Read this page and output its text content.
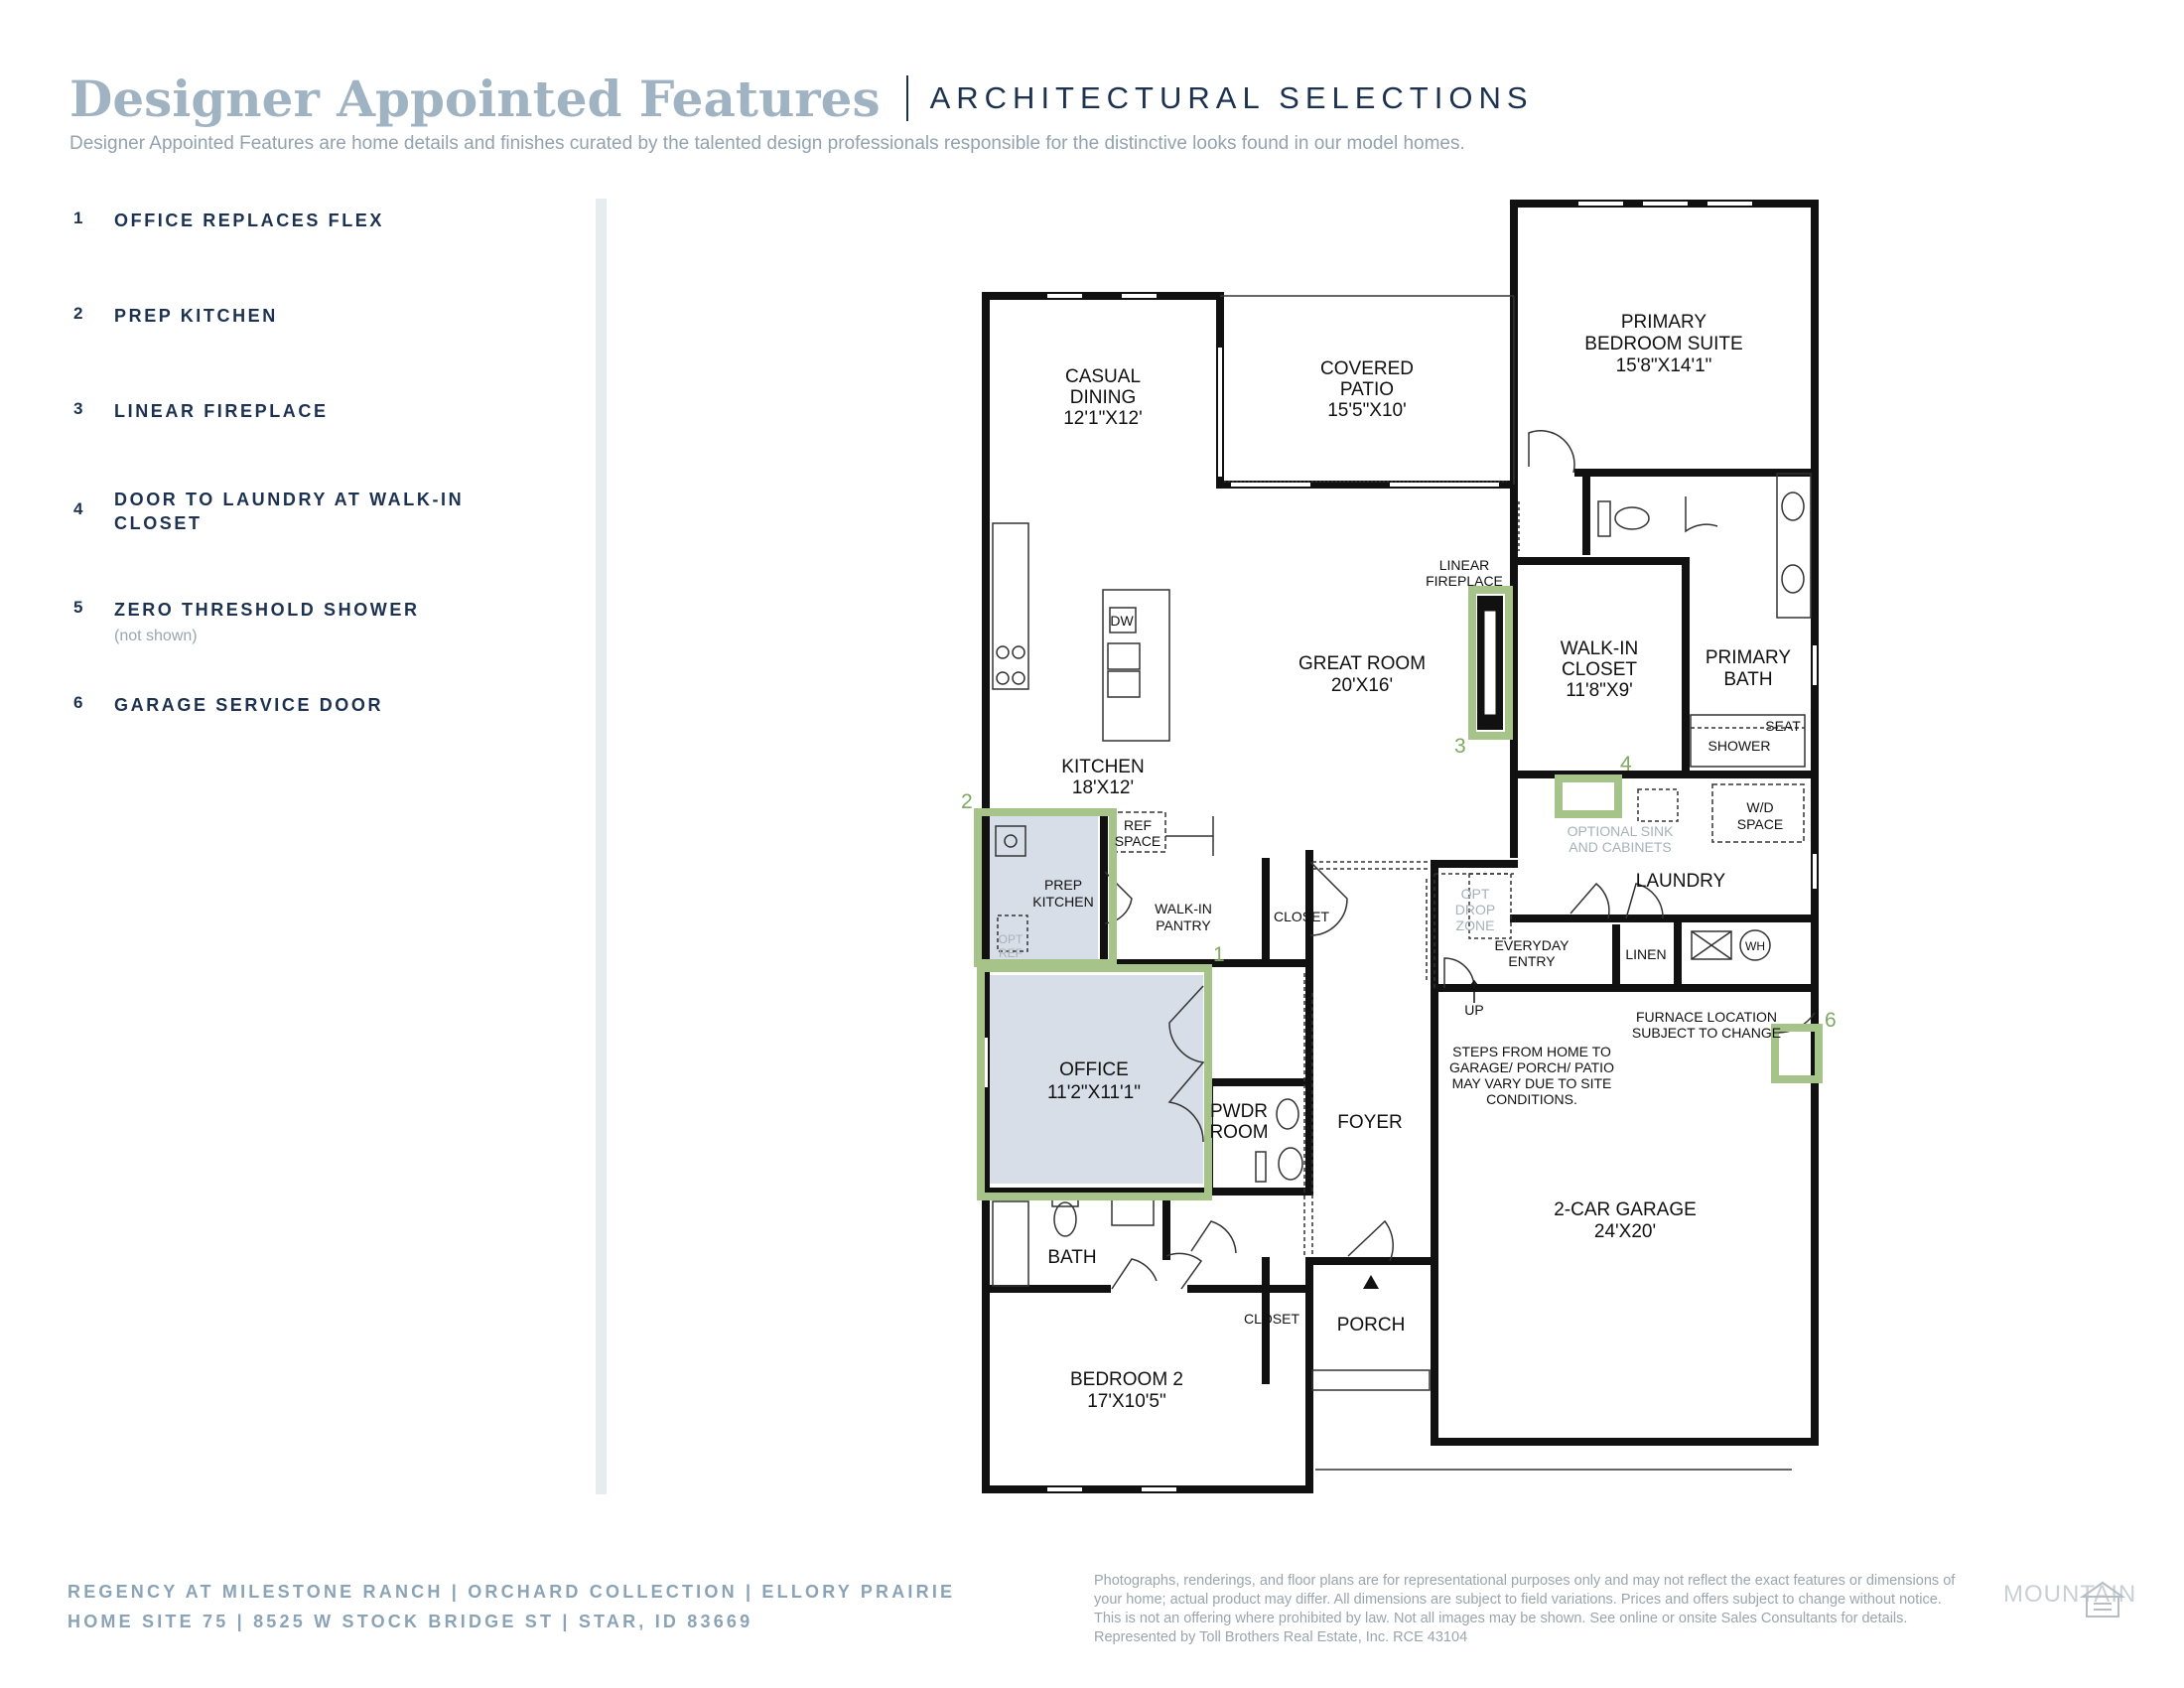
Designer Appointed Features ARCHITECTURAL SELECTIONS
Designer Appointed Features are home details and finishes curated by the talented design professionals responsible for the distinctive looks found in our model homes.
1 OFFICE REPLACES FLEX
2 PREP KITCHEN
3 LINEAR FIREPLACE
4 DOOR TO LAUNDRY AT WALK-IN CLOSET
5 ZERO THRESHOLD SHOWER
(not shown)
6 GARAGE SERVICE DOOR
2
1
3
4
6
CASUAL
DINING
12'1"X12'
COVERED
PATIO
15'5"X10'
PRIMARY
BEDROOM SUITE
15'8"X14'1"
GREAT ROOM
20'X16'
WALK-IN
CLOSET
11'8"X9'
PRIMARY
BATH
KITCHEN
18'X12'
LAUNDRY
FOYER
2-CAR GARAGE
24'X20'
OFFICE
11'2"X11'1"
PWDR
ROOM
BATH
PORCH
BEDROOM 2
17'X10'5"
PREP
KITCHEN	WALK-IN
PANTRY
LINEAR
FIREPLACE
DW
REF
SPACE
CLOSET
CLOSET
LINEN
EVERYDAY
ENTRY
W/D
SPACE
WH
FURNACE LOCATION
SUBJECT TO CHANGE
STEPS FROM HOME TO
GARAGE/ PORCH/ PATIO
MAY VARY DUE TO SITE
CONDITIONS.
UP
SHOWER
SEAT
OPTIONAL SINK
AND CABINETS
OPT
DROP
ZONE
OPT
REF
REGENCY AT MILESTONE RANCH | ORCHARD COLLECTION | ELLORY PRAIRIE
HOME SITE 75 | 8525 W STOCK BRIDGE ST | STAR, ID 83669
Photographs, renderings, and floor plans are for representational purposes only and may not reflect the exact features or dimensions of
your home; actual product may differ. All dimensions are subject to field variations. Prices and offers subject to change without notice.
This is not an offering where prohibited by law. Not all images may be shown. See online or onsite Sales Consultants for details.
Represented by Toll Brothers Real Estate, Inc. RCE 43104
MOUNTAIN
